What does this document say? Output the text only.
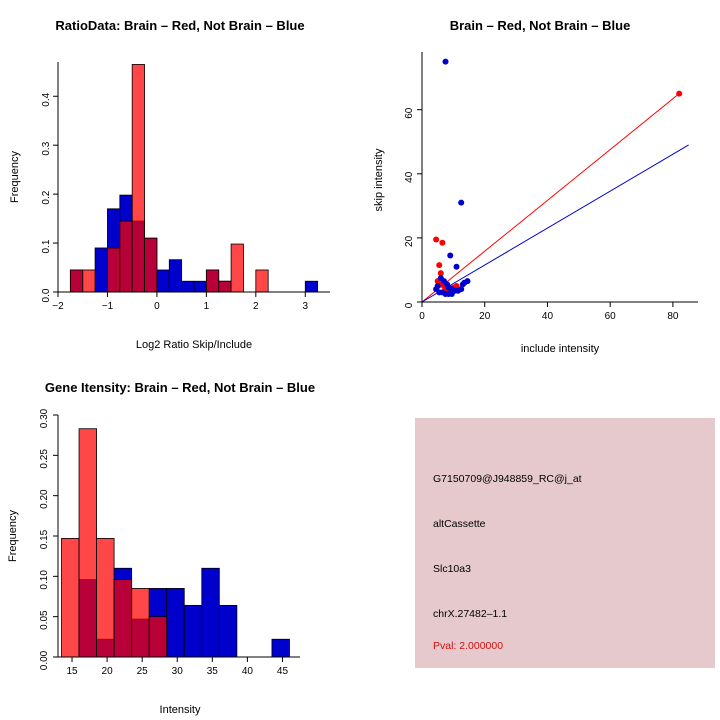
RatioData: Brain – Red, Not Brain – Blue
−2	−1	0	1	2	3
0.0
0.1
0.2
0.3
0.4
Log2 Ratio Skip/Include
Frequency
Brain – Red, Not Brain – Blue
0	20	40	60	80
0
20
40
60
include intensity
skip intensity
Gene Itensity: Brain – Red, Not Brain – Blue
15 20 25 30 35 40 45
0.00
0.05
0.10
0.15
0.20
0.25
0.30
Intensity
Frequency
G7150709@J948859_RC@j_at
altCassette
Slc10a3
chrX.27482–1.1
Pval: 2.000000
